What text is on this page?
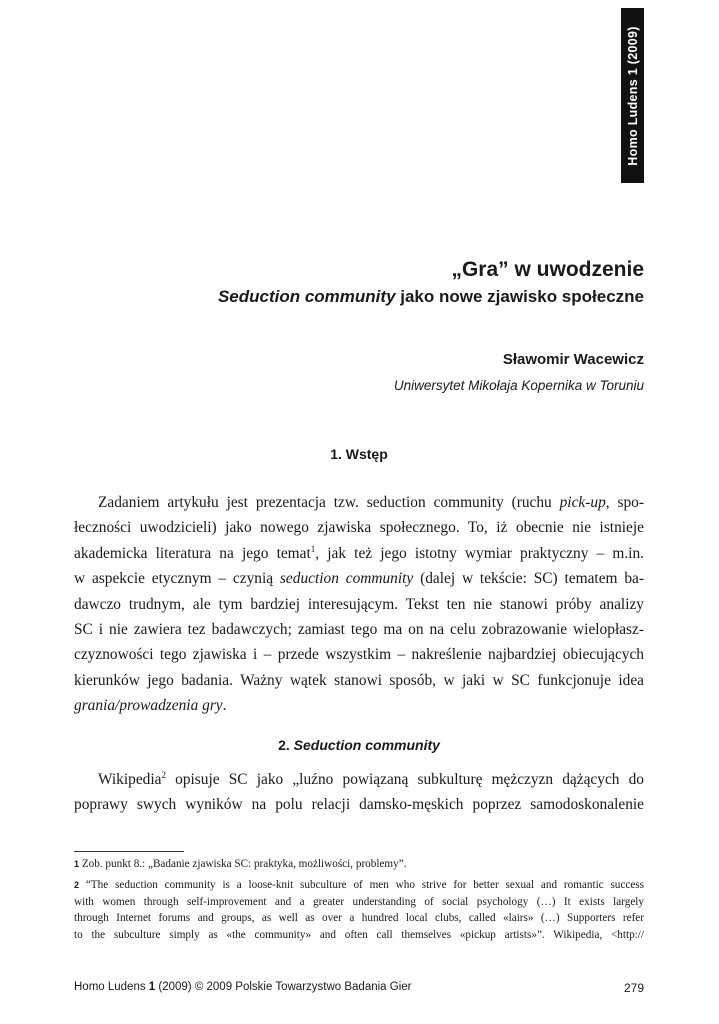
Homo Ludens 1 (2009)
„Gra” w uwodzenie
Seduction community jako nowe zjawisko społeczne
Sławomir Wacewicz
Uniwersytet Mikołaja Kopernika w Toruniu
1. Wstęp
Zadaniem artykułu jest prezentacja tzw. seduction community (ruchu pick-up, spo-
łeczności uwodzicieli) jako nowego zjawiska społecznego. To, iż obecnie nie istnieje
akademicka literatura na jego temat$^1$, jak też jego istotny wymiar praktyczny – m.in.
w aspekcie etycznym – czynią seduction community (dalej w tekście: SC) tematem ba-
dawczo trudnym, ale tym bardziej interesującym. Tekst ten nie stanowi próby analizy
SC i nie zawiera tez badawczych; zamiast tego ma on na celu zobrazowanie wielopłasz-
czyznowości tego zjawiska i – przede wszystkim – nakreślenie najbardziej obiecujących
kierunków jego badania. Ważny wątek stanowi sposób, w jaki w SC funkcjonuje idea
grania/prowadzenia gry.
2. Seduction community
Wikipedia$^2$ opisuje SC jako „luźno powiązaną subkulturę mężczyzn dążących do
poprawy swych wyników na polu relacji damsko-męskich poprzez samodoskonalenie
1 Zob. punkt 8.: „Badanie zjawiska SC: praktyka, możliwości, problemy”.
2 “The seduction community is a loose-knit subculture of men who strive for better sexual and romantic success
with women through self-improvement and a greater understanding of social psychology (…) It exists largely
through Internet forums and groups, as well as over a hundred local clubs, called «lairs» (…) Supporters refer
to the subculture simply as «the community» and often call themselves «pickup artists»”. Wikipedia, <http://
Homo Ludens 1 (2009) © 2009 Polskie Towarzystwo Badania Gier	279
